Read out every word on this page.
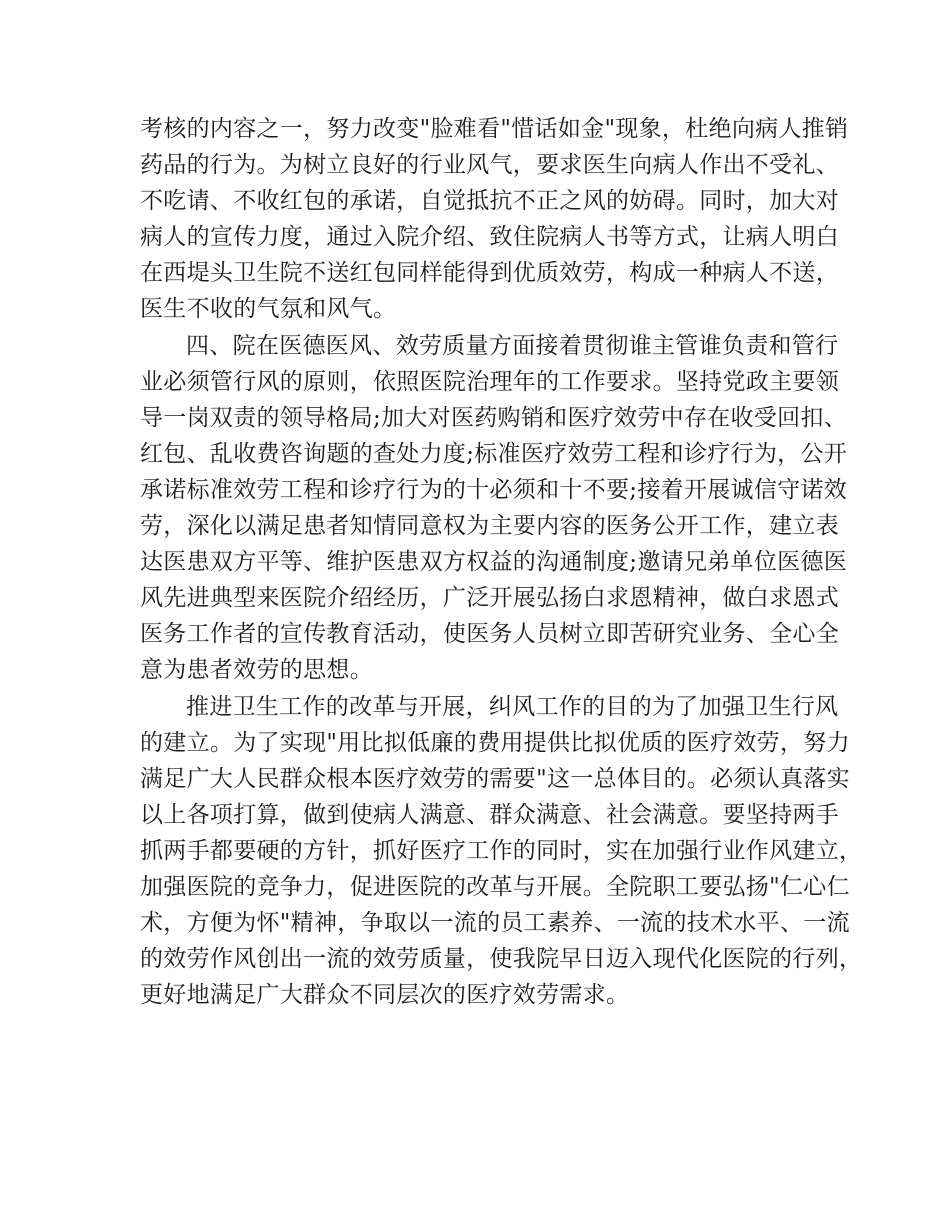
考核的内容之一，努力改变"脸难看"惜话如金"现象，杜绝向病人推销
药品的行为。为树立良好的行业风气，要求医生向病人作出不受礼、
不吃请、不收红包的承诺，自觉抵抗不正之风的妨碍。同时，加大对
病人的宣传力度，通过入院介绍、致住院病人书等方式，让病人明白
在西堤头卫生院不送红包同样能得到优质效劳，构成一种病人不送，
医生不收的气氛和风气。
四、院在医德医风、效劳质量方面接着贯彻谁主管谁负责和管行
业必须管行风的原则，依照医院治理年的工作要求。坚持党政主要领
导一岗双责的领导格局;加大对医药购销和医疗效劳中存在收受回扣、
红包、乱收费咨询题的查处力度;标准医疗效劳工程和诊疗行为，公开
承诺标准效劳工程和诊疗行为的十必须和十不要;接着开展诚信守诺效
劳，深化以满足患者知情同意权为主要内容的医务公开工作，建立表
达医患双方平等、维护医患双方权益的沟通制度;邀请兄弟单位医德医
风先进典型来医院介绍经历，广泛开展弘扬白求恩精神，做白求恩式
医务工作者的宣传教育活动，使医务人员树立即苦研究业务、全心全
意为患者效劳的思想。
推进卫生工作的改革与开展，纠风工作的目的为了加强卫生行风
的建立。为了实现"用比拟低廉的费用提供比拟优质的医疗效劳，努力
满足广大人民群众根本医疗效劳的需要"这一总体目的。必须认真落实
以上各项打算，做到使病人满意、群众满意、社会满意。要坚持两手
抓两手都要硬的方针，抓好医疗工作的同时，实在加强行业作风建立，
加强医院的竞争力，促进医院的改革与开展。全院职工要弘扬"仁心仁
术，方便为怀"精神，争取以一流的员工素养、一流的技术水平、一流
的效劳作风创出一流的效劳质量，使我院早日迈入现代化医院的行列，
更好地满足广大群众不同层次的医疗效劳需求。
